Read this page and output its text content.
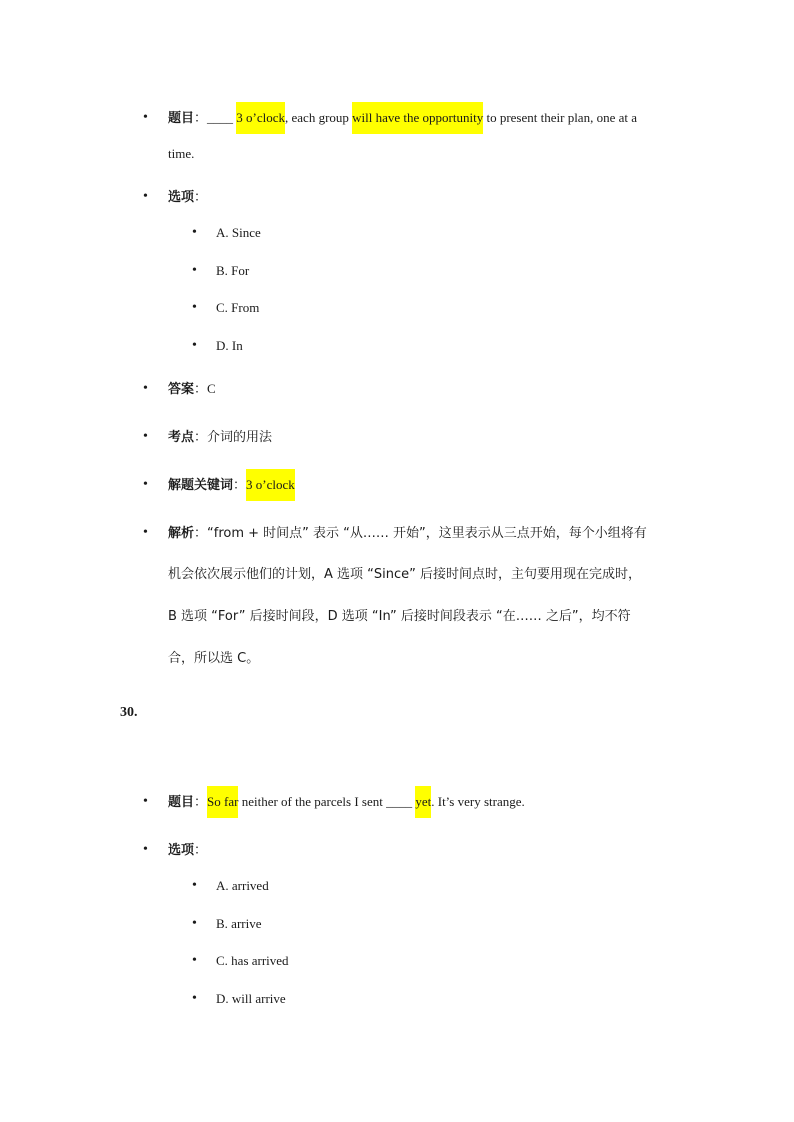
• 题目：____ 3 o’clock, each group will have the opportunity to present their plan, one at a
time.
• 选项：
• A. Since
• B. For
• C. From
• D. In
• 答案：C
• 考点：介词的用法
• 解题关键词：3 o’clock
• 解析：“from + 时间点” 表示 “从…… 开始”，这里表示从三点开始，每个小组将有
机会依次展示他们的计划，A 选项 “Since” 后接时间点时，主句要用现在完成时，
B 选项 “For” 后接时间段，D 选项 “In” 后接时间段表示 “在…… 之后”，均不符
合，所以选 C。
30.
• 题目：So far neither of the parcels I sent ____ yet. It’s very strange.
• 选项：
• A. arrived
• B. arrive
• C. has arrived
• D. will arrive
